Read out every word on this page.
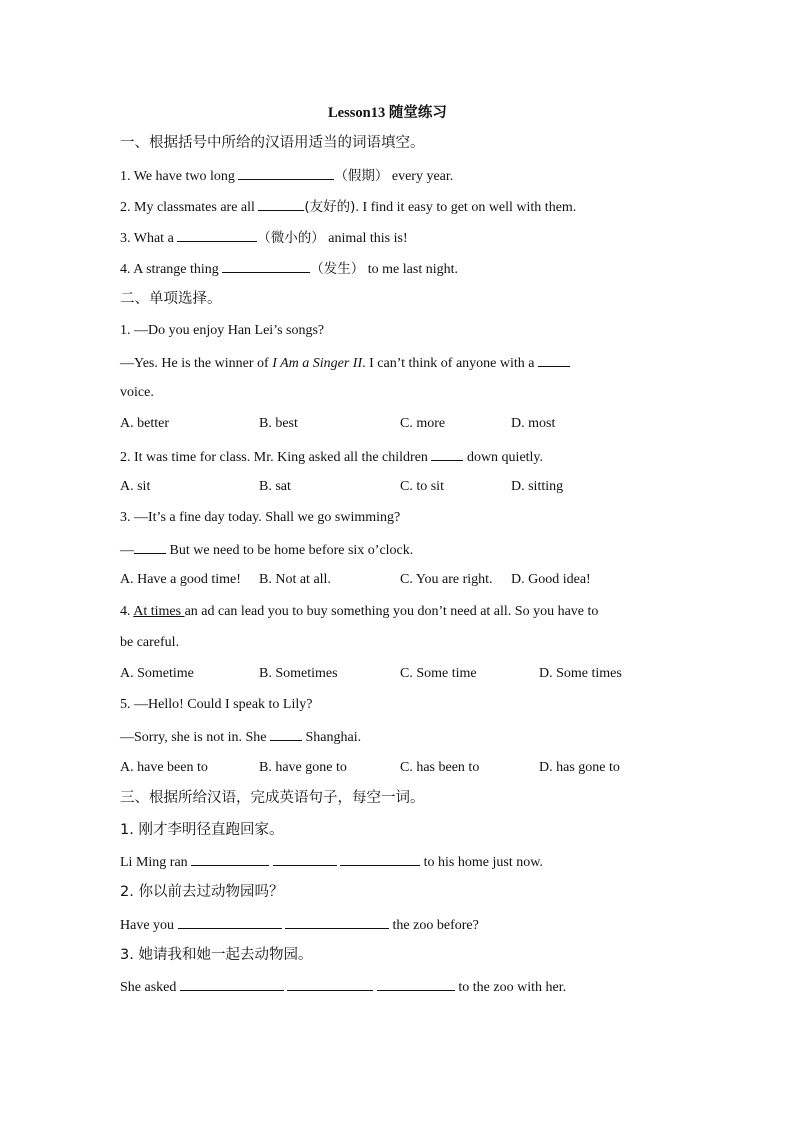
Lesson13 随堂练习
一、根据括号中所给的汉语用适当的词语填空。
1. We have two long	（假期） every year.
2. My classmates are all	(友好的). I find it easy to get on well with them.
3. What a	（微小的） animal this is!
4. A strange thing	（发生） to me last night.
二、单项选择。
1. —Do you enjoy Han Lei’s songs?
—Yes. He is the winner of I Am a Singer II. I can’t think of anyone with a
voice.
A. better	B. best	C. more	D. most
2. It was time for class. Mr. King asked all the children  down quietly.
A. sit	B. sat	C. to sit	D. sitting
3. —It’s a fine day today. Shall we go swimming?
— But we need to be home before six o’clock.
A. Have a good time! B. Not at all.	C. You are right. D. Good idea!
4. At times an ad can lead you to buy something you don’t need at all. So you have to
be careful.
A. Sometime	B. Sometimes	C. Some time	D. Some times
5. —Hello! Could I speak to Lily?
—Sorry, she is not in. She  Shanghai.
A. have been to	B. have gone to	C. has been to	D. has gone to
三、根据所给汉语，完成英语句子，每空一词。
1. 刚才李明径直跑回家。
Li Ming ran	to his home just now.
2. 你以前去过动物园吗？
Have you	the zoo before?
3. 她请我和她一起去动物园。
She asked	to the zoo with her.
